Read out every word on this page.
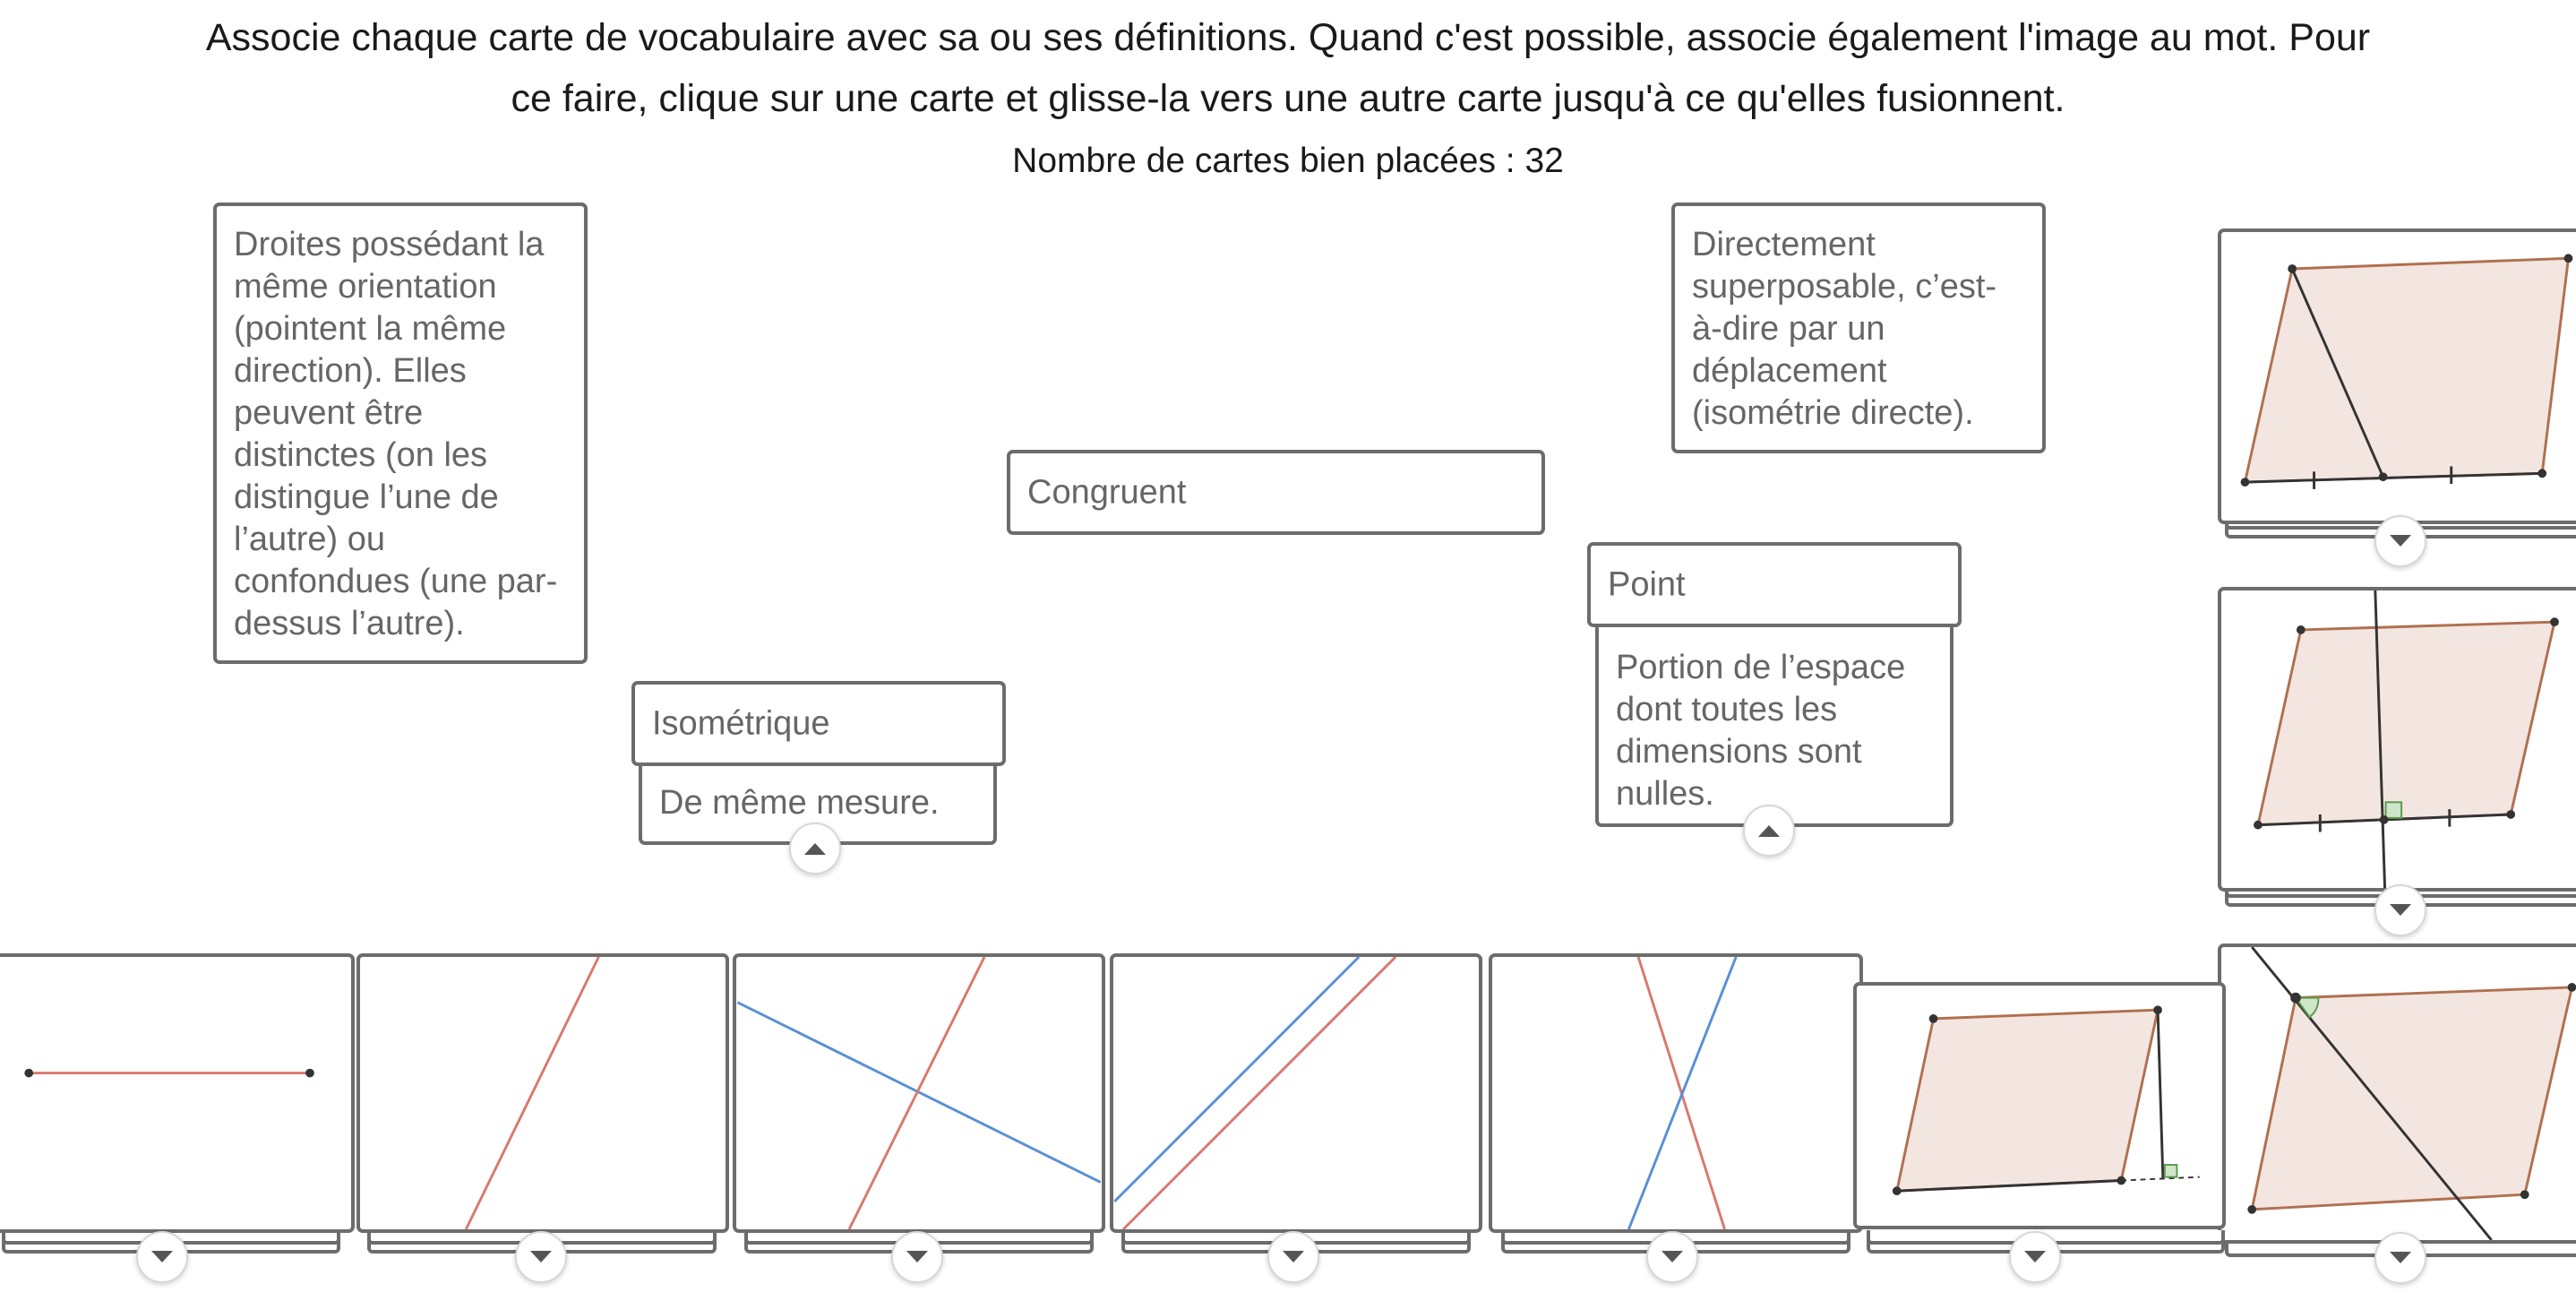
Associe chaque carte de vocabulaire avec sa ou ses définitions. Quand c'est possible, associe également l'image au mot. Pour
ce faire, clique sur une carte et glisse-la vers une autre carte jusqu'à ce qu'elles fusionnent.
Nombre de cartes bien placées : 32
Droites possédant la même orientation (pointent la même direction). Elles peuvent être distinctes (on les distingue l’une de l’autre) ou confondues (une par-dessus l’autre).
Directement superposable, c’est-à-dire par un déplacement (isométrie directe).
Congruent
Portion de l’espace dont toutes les dimensions sont nulles.
Point
De même mesure.
Isométrique
